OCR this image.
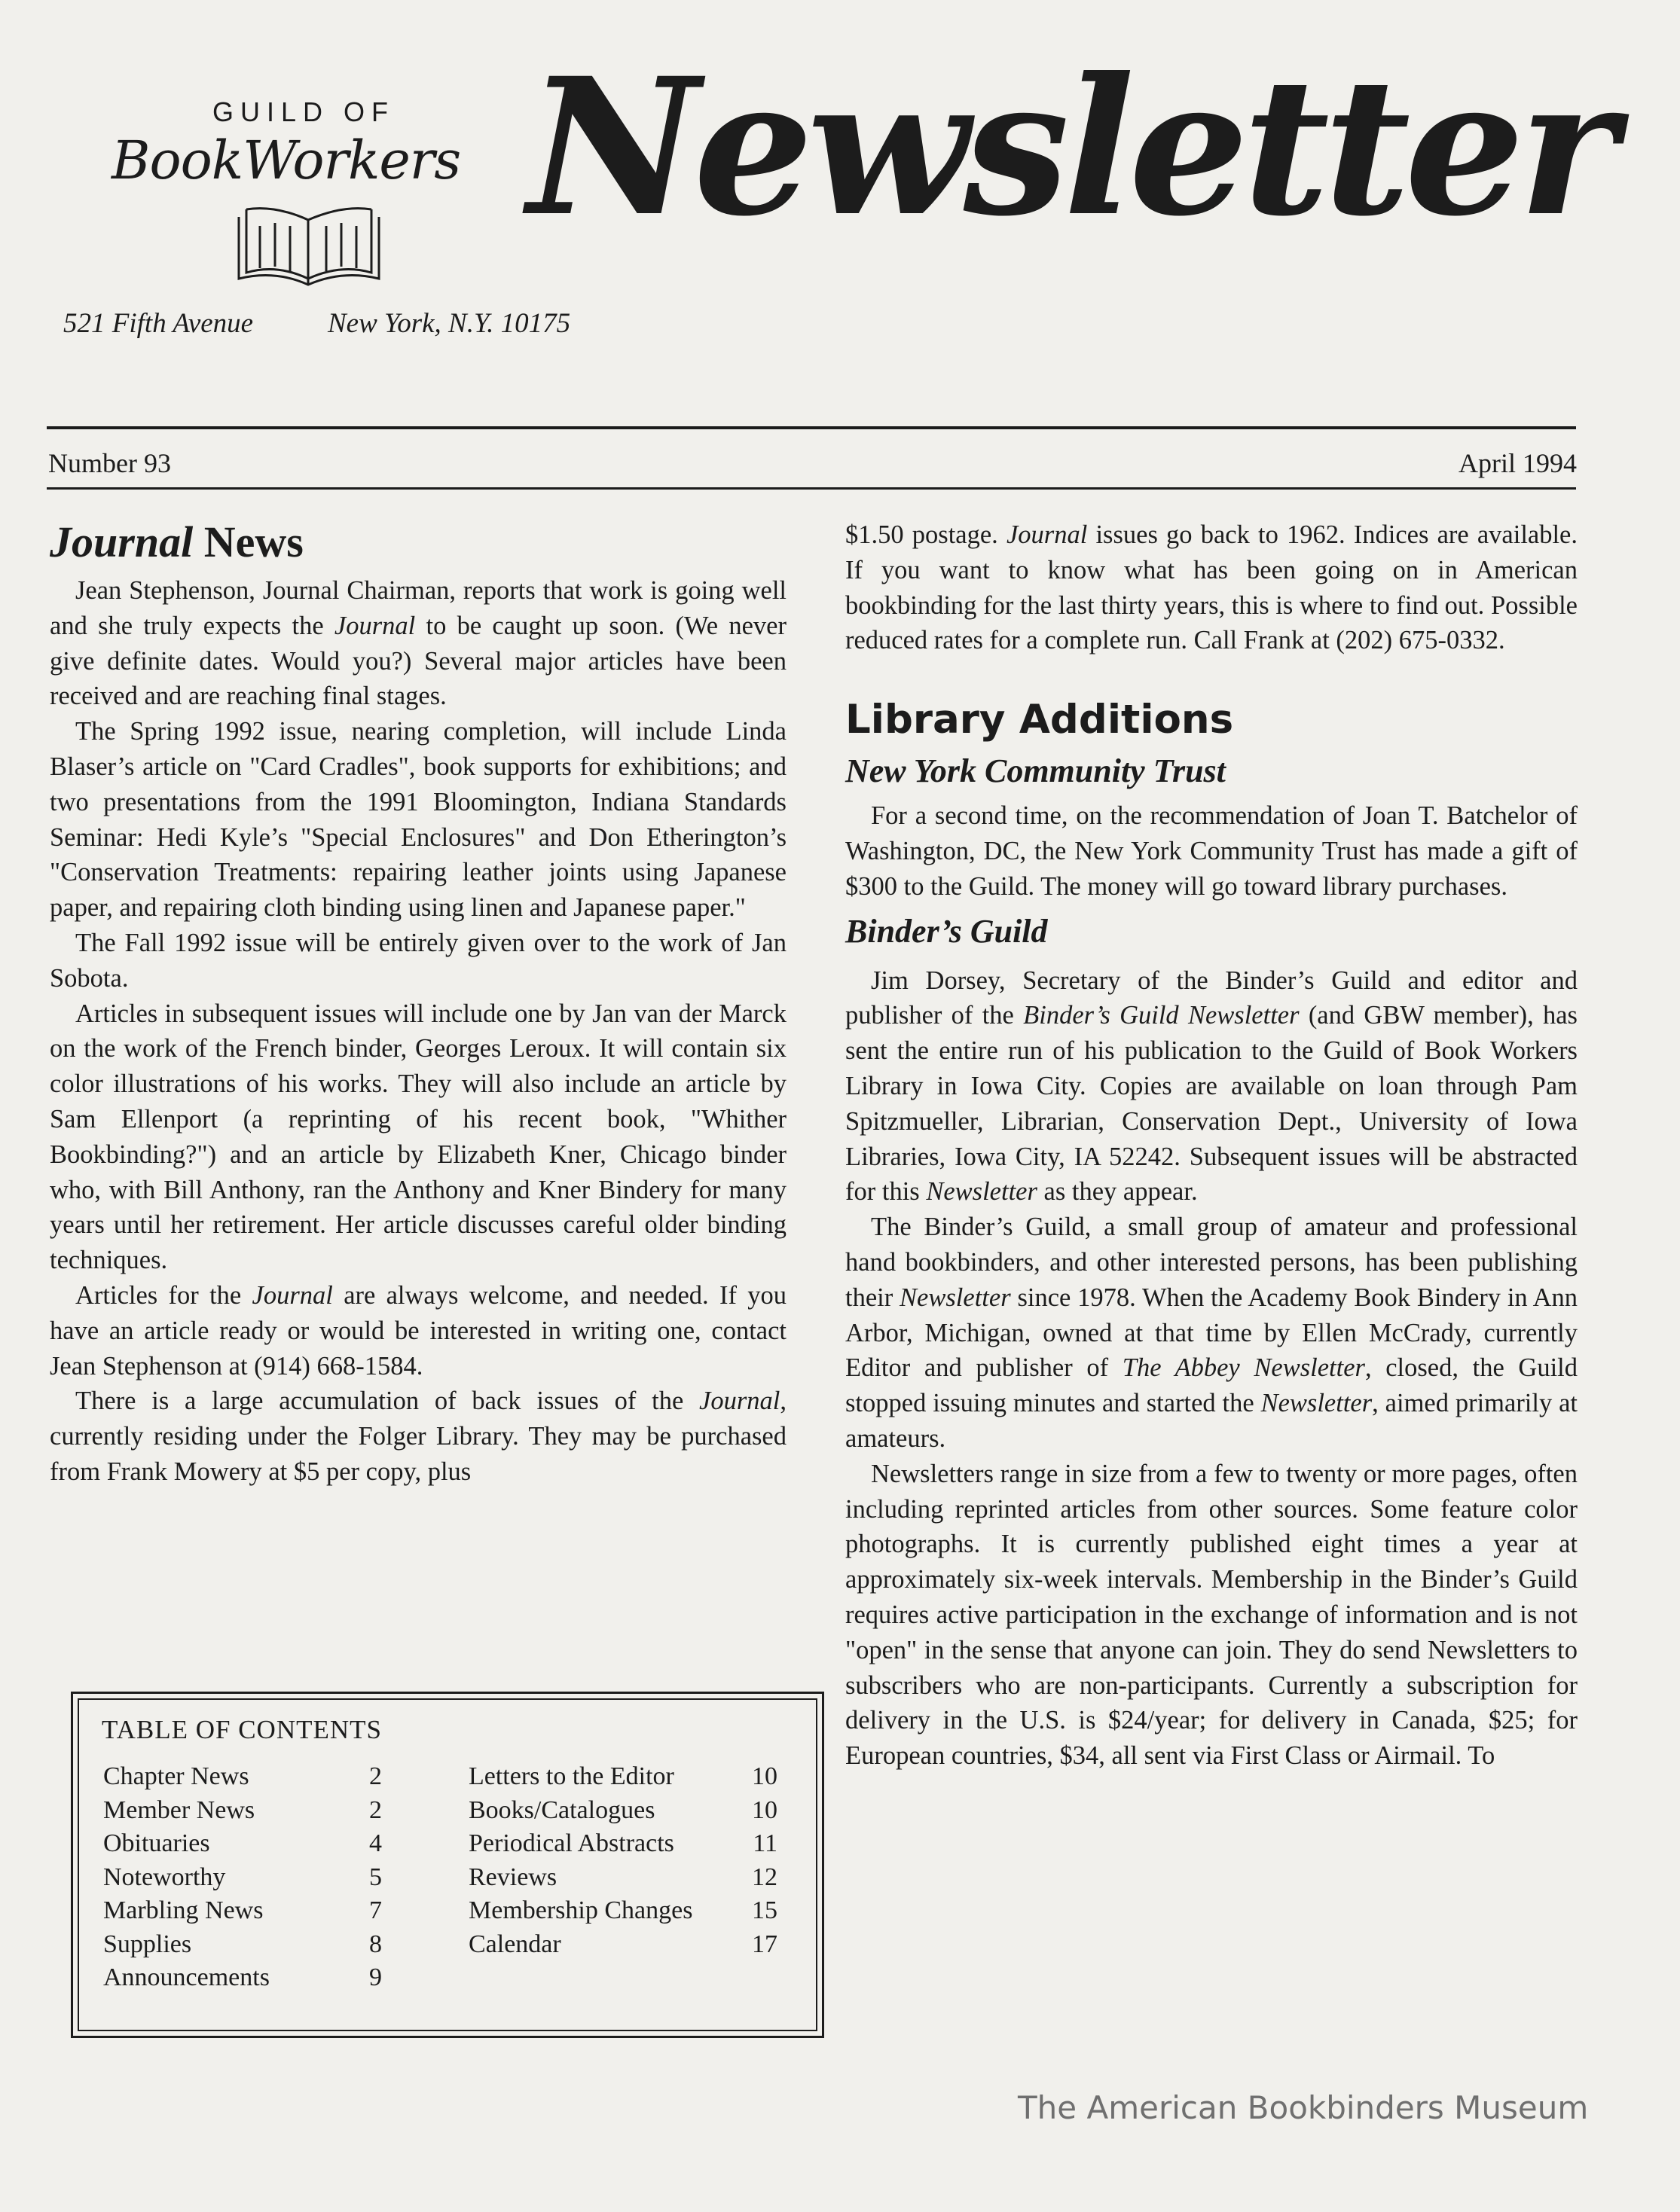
GUILD OF
BookWorkers
521 Fifth Avenue	New York, N.Y. 10175
Newsletter
Number 93	April 1994
Journal News

Jean Stephenson, Journal Chairman, reports that work is going well and she truly expects the Journal to be caught up soon. (We never give definite dates. Would you?) Several major articles have been received and are reaching final stages.

The Spring 1992 issue, nearing completion, will include Linda Blaser’s article on "Card Cradles", book supports for exhibitions; and two presentations from the 1991 Bloomington, Indiana Standards Seminar: Hedi Kyle’s "Special Enclosures" and Don Etherington’s "Conservation Treatments: repairing leather joints using Japanese paper, and repairing cloth binding using linen and Japanese paper."

The Fall 1992 issue will be entirely given over to the work of Jan Sobota.

Articles in subsequent issues will include one by Jan van der Marck on the work of the French binder, Georges Leroux. It will contain six color illustrations of his works. They will also include an article by Sam Ellenport (a reprinting of his recent book, "Whither Bookbinding?") and an article by Elizabeth Kner, Chicago binder who, with Bill Anthony, ran the Anthony and Kner Bindery for many years until her retirement. Her article discusses careful older binding techniques.

Articles for the Journal are always welcome, and needed. If you have an article ready or would be interested in writing one, contact Jean Stephenson at (914) 668-1584.

There is a large accumulation of back issues of the Journal, currently residing under the Folger Library. They may be purchased from Frank Mowery at $5 per copy, plus

TABLE OF CONTENTS
Chapter News	2
Member News	2
Obituaries	4
Noteworthy	5
Marbling News	7
Supplies	8
Announcements	9
Letters to the Editor	10
Books/Catalogues	10
Periodical Abstracts	11
Reviews	12
Membership Changes 15
Calendar	17

$1.50 postage. Journal issues go back to 1962. Indices are available. If you want to know what has been going on in American bookbinding for the last thirty years, this is where to find out. Possible reduced rates for a complete run. Call Frank at (202) 675-0332.

Library Additions
New York Community Trust

For a second time, on the recommendation of Joan T. Batchelor of Washington, DC, the New York Community Trust has made a gift of $300 to the Guild. The money will go toward library purchases.

Binder’s Guild

Jim Dorsey, Secretary of the Binder’s Guild and editor and publisher of the Binder’s Guild Newsletter (and GBW member), has sent the entire run of his publication to the Guild of Book Workers Library in Iowa City. Copies are available on loan through Pam Spitzmueller, Librarian, Conservation Dept., University of Iowa Libraries, Iowa City, IA 52242. Subsequent issues will be abstracted for this Newsletter as they appear.

The Binder’s Guild, a small group of amateur and professional hand bookbinders, and other interested persons, has been publishing their Newsletter since 1978. When the Academy Book Bindery in Ann Arbor, Michigan, owned at that time by Ellen McCrady, currently Editor and publisher of The Abbey Newsletter, closed, the Guild stopped issuing minutes and started the Newsletter, aimed primarily at amateurs.

Newsletters range in size from a few to twenty or more pages, often including reprinted articles from other sources. Some feature color photographs. It is currently published eight times a year at approximately six-week intervals. Membership in the Binder’s Guild requires active participation in the exchange of information and is not "open" in the sense that anyone can join. They do send Newsletters to subscribers who are non-participants. Currently a subscription for delivery in the U.S. is $24/year; for delivery in Canada, $25; for European countries, $34, all sent via First Class or Airmail. To

The American Bookbinders Museum
